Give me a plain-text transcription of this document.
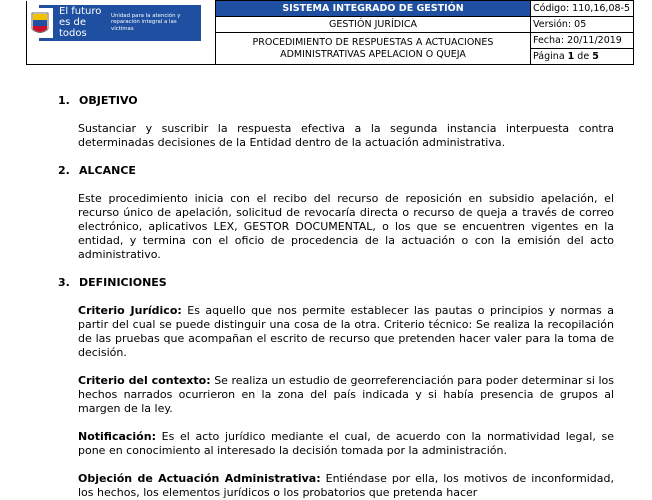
El futuro es de todos
Unidad para la atención y reparación integral a las víctimas	SISTEMA INTEGRADO DE GESTIÓN	Código: 110,16,08-5
	GESTIÓN JURÍDICA	Versión: 05
	PROCEDIMIENTO DE RESPUESTAS A ACTUACIONES ADMINISTRATIVAS APELACION O QUEJA	Fecha: 20/11/2019
		Página 1 de 5
1. OBJETIVO

Sustanciar y suscribir la respuesta efectiva a la segunda instancia interpuesta contra determinadas decisiones de la Entidad dentro de la actuación administrativa.

2. ALCANCE

Este procedimiento inicia con el recibo del recurso de reposición en subsidio apelación, el recurso único de apelación, solicitud de revocaría directa o recurso de queja a través de correo electrónico, aplicativos LEX, GESTOR DOCUMENTAL, o los que se encuentren vigentes en la entidad, y termina con el oficio de procedencia de la actuación o con la emisión del acto administrativo.

3. DEFINICIONES

Criterio Jurídico: Es aquello que nos permite establecer las pautas o principios y normas a partir del cual se puede distinguir una cosa de la otra. Criterio técnico: Se realiza la recopilación de las pruebas que acompañan el escrito de recurso que pretenden hacer valer para la toma de decisión.

Criterio del contexto: Se realiza un estudio de georreferenciación para poder determinar si los hechos narrados ocurrieron en la zona del país indicada y si había presencia de grupos al margen de la ley.

Notificación: Es el acto jurídico mediante el cual, de acuerdo con la normatividad legal, se pone en conocimiento al interesado la decisión tomada por la administración.

Objeción de Actuación Administrativa: Entiéndase por ella, los motivos de inconformidad, los hechos, los elementos jurídicos o los probatorios que pretenda hacer
